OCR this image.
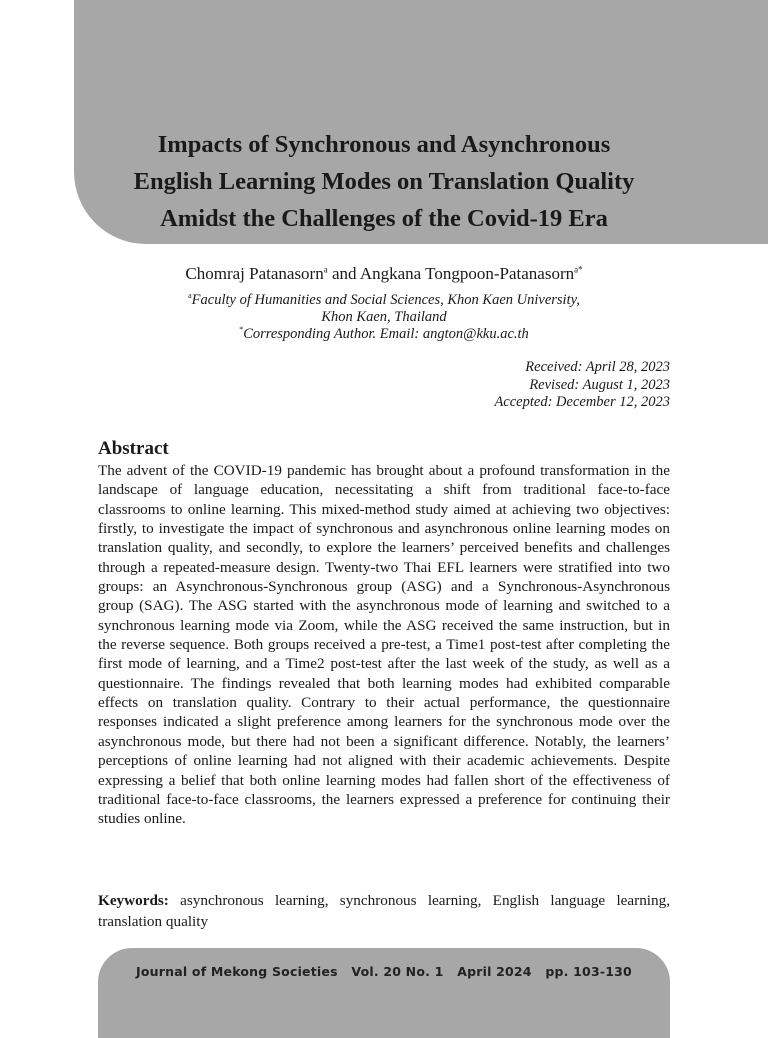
Impacts of Synchronous and Asynchronous
English Learning Modes on Translation Quality
Amidst the Challenges of the Covid-19 Era
Chomraj Patanasorn$^a$ and Angkana Tongpoon-Patanasorn$^{a*}$
$^a$Faculty of Humanities and Social Sciences, Khon Kaen University,
Khon Kaen, Thailand
*Corresponding Author. Email: angton@kku.ac.th
Received: April 28, 2023
Revised: August 1, 2023
Accepted: December 12, 2023
Abstract

The advent of the COVID-19 pandemic has brought about a profound transformation in the landscape of language education, necessitating a shift from traditional face-to-face classrooms to online learning. This mixed-method study aimed at achieving two objectives: firstly, to investigate the impact of synchronous and asynchronous online learning modes on translation quality, and secondly, to explore the learners’ perceived benefits and challenges through a repeated-measure design. Twenty-two Thai EFL learners were stratified into two groups: an Asynchronous-Synchronous group (ASG) and a Synchronous-Asynchronous group (SAG). The ASG started with the asynchronous mode of learning and switched to a synchronous learning mode via Zoom, while the ASG received the same instruction, but in the reverse sequence. Both groups received a pre-test, a Time1 post-test after completing the first mode of learning, and a Time2 post-test after the last week of the study, as well as a questionnaire. The findings revealed that both learning modes had exhibited comparable effects on translation quality. Contrary to their actual performance, the questionnaire responses indicated a slight preference among learners for the synchronous mode over the asynchronous mode, but there had not been a significant difference. Notably, the learners’ perceptions of online learning had not aligned with their academic achievements. Despite expressing a belief that both online learning modes had fallen short of the effectiveness of traditional face-to-face classrooms, the learners expressed a preference for continuing their studies online.

Keywords: asynchronous learning, synchronous learning, English language learning, translation quality

Journal of Mekong Societies Vol. 20 No. 1 April 2024 pp. 103-130
